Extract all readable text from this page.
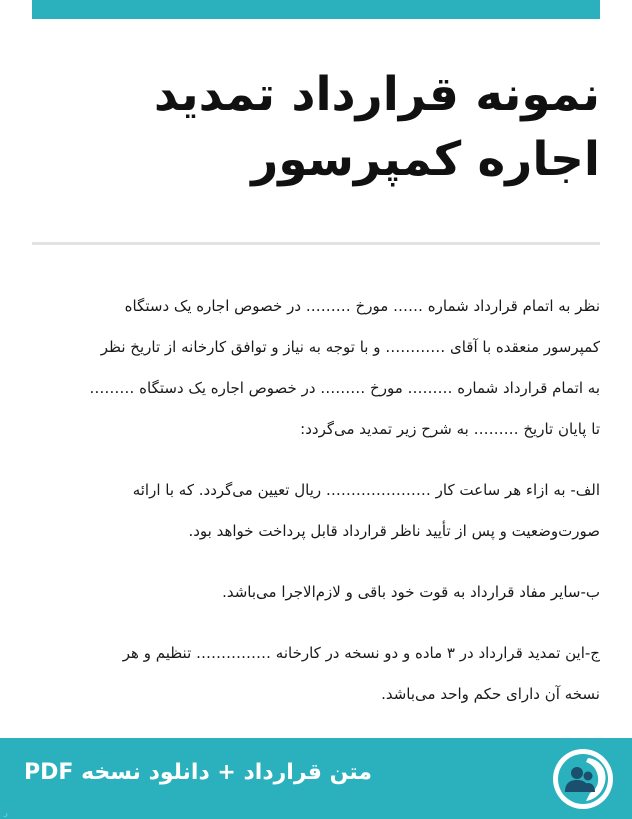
نمونه قرارداد تمدید
اجاره کمپرسور

نظر به اتمام قرارداد شماره …… مورخ ……… در خصوص اجاره یک دستگاه
کمپرسور منعقده با آقای ………… و با توجه به نیاز و توافق کارخانه از تاریخ نظر
به اتمام قرارداد شماره ……… مورخ ……… در خصوص اجاره یک دستگاه ………
تا پایان تاریخ ……… به شرح زیر تمدید می‌گردد:

الف- به ازاء هر ساعت کار ………………… ریال تعیین می‌گردد. که با ارائه
صورت‌وضعیت و پس از تأیید ناظر قرارداد قابل پرداخت خواهد بود.

ب-سایر مفاد قرارداد به قوت خود باقی و لازم‌الاجرا می‌باشد.

ج-این تمدید قرارداد در ۳ ماده و دو نسخه در کارخانه …………… تنظیم و هر
نسخه آن دارای حکم واحد می‌باشد.

متن قرارداد + دانلود نسخه PDF
ر
